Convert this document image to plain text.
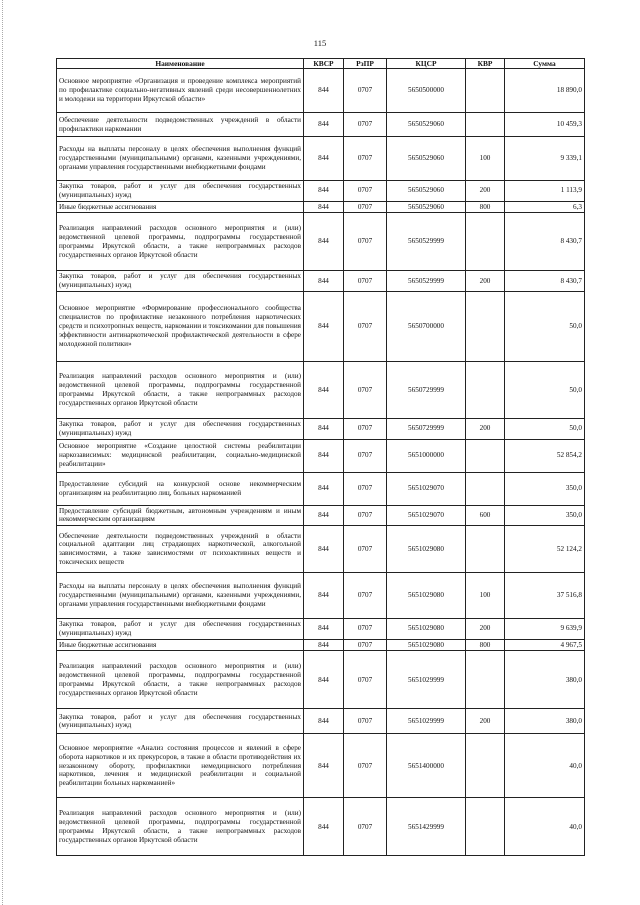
115
Наименование	КВСР	РзПР	КЦСР	КВР	Сумма
Основное мероприятие «Организация и проведение комплекса мероприятий по профилактике социально-негативных явлений среди несовершеннолетних и молодежи на территории Иркутской области»	844	0707	5650500000		18 890,0
Обеспечение деятельности подведомственных учреждений в области профилактики наркомании	844	0707	5650529060		10 459,3
Расходы на выплаты персоналу в целях обеспечения выполнения функций государственными (муниципальными) органами, казенными учреждениями, органами управления государственными внебюджетными фондами	844	0707	5650529060	100	9 339,1
Закупка товаров, работ и услуг для обеспечения государственных (муниципальных) нужд	844	0707	5650529060	200	1 113,9
Иные бюджетные ассигнования	844	0707	5650529060	800	6,3
Реализация направлений расходов основного мероприятия и (или) ведомственной целевой программы, подпрограммы государственной программы Иркутской области, а также непрограммных расходов государственных органов Иркутской области	844	0707	5650529999		8 430,7
Закупка товаров, работ и услуг для обеспечения государственных (муниципальных) нужд	844	0707	5650529999	200	8 430,7
Основное мероприятие «Формирование профессионального сообщества специалистов по профилактике незаконного потребления наркотических средств и психотропных веществ, наркомании и токсикомании для повышения эффективности антинаркотической профилактической деятельности в сфере молодежной политики»	844	0707	5650700000		50,0
Реализация направлений расходов основного мероприятия и (или) ведомственной целевой программы, подпрограммы государственной программы Иркутской области, а также непрограммных расходов государственных органов Иркутской области	844	0707	5650729999		50,0
Закупка товаров, работ и услуг для обеспечения государственных (муниципальных) нужд	844	0707	5650729999	200	50,0
Основное мероприятие «Создание целостной системы реабилитации наркозависимых: медицинской реабилитации, социально-медицинской реабилитации»	844	0707	5651000000		52 854,2
Предоставление субсидий на конкурсной основе некоммерческим организациям на реабилитацию лиц, больных наркоманией	844	0707	5651029070		350,0
Предоставление субсидий бюджетным, автономным учреждениям и иным некоммерческим организациям	844	0707	5651029070	600	350,0
Обеспечение деятельности подведомственных учреждений в области социальной адаптации лиц страдающих наркотической, алкогольной зависимостями, а также зависимостями от психоактивных веществ и токсических веществ	844	0707	5651029080		52 124,2
Расходы на выплаты персоналу в целях обеспечения выполнения функций государственными (муниципальными) органами, казенными учреждениями, органами управления государственными внебюджетными фондами	844	0707	5651029080	100	37 516,8
Закупка товаров, работ и услуг для обеспечения государственных (муниципальных) нужд	844	0707	5651029080	200	9 639,9
Иные бюджетные ассигнования	844	0707	5651029080	800	4 967,5
Реализация направлений расходов основного мероприятия и (или) ведомственной целевой программы, подпрограммы государственной программы Иркутской области, а также непрограммных расходов государственных органов Иркутской области	844	0707	5651029999		380,0
Закупка товаров, работ и услуг для обеспечения государственных (муниципальных) нужд	844	0707	5651029999	200	380,0
Основное мероприятие «Анализ состояния процессов и явлений в сфере оборота наркотиков и их прекурсоров, в также в области противодействия их незаконному обороту, профилактики немедицинского потребления наркотиков, лечения и медицинской реабилитации и социальной реабилитации больных наркоманией»	844	0707	5651400000		40,0
Реализация направлений расходов основного мероприятия и (или) ведомственной целевой программы, подпрограммы государственной программы Иркутской области, а также непрограммных расходов государственных органов Иркутской области	844	0707	5651429999		40,0
